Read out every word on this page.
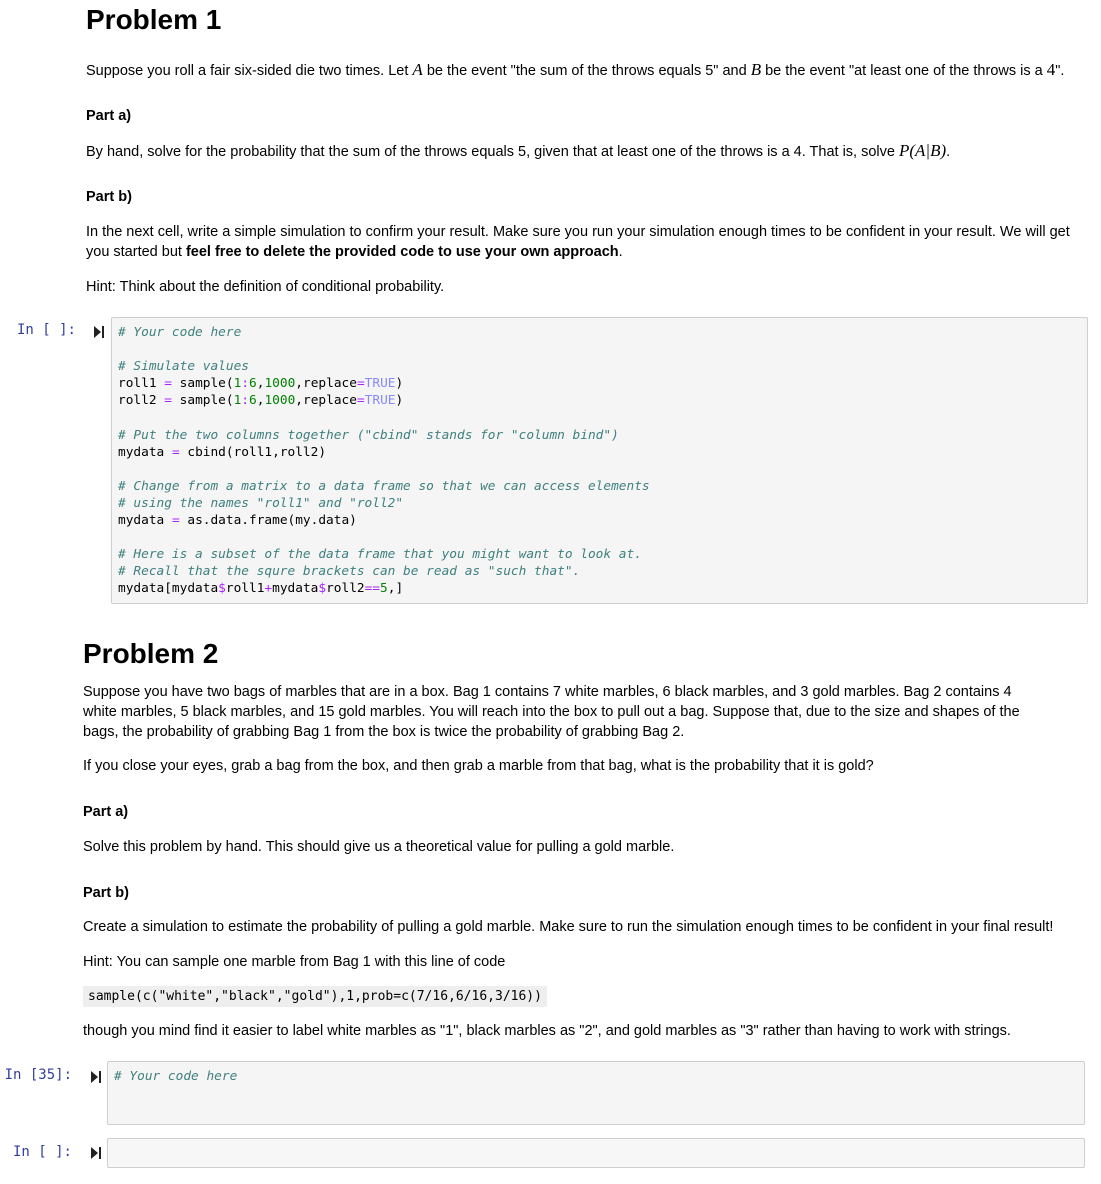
Problem 1
Suppose you roll a fair six-sided die two times. Let A be the event "the sum of the throws equals 5" and B be the event "at least one of the throws is a 4".
Part a)
By hand, solve for the probability that the sum of the throws equals 5, given that at least one of the throws is a 4. That is, solve P(A|B).
Part b)
In the next cell, write a simple simulation to confirm your result. Make sure you run your simulation enough times to be confident in your result. We will get you started but feel free to delete the provided code to use your own approach.
Hint: Think about the definition of conditional probability.
In [ ]:	# Your code here

# Simulate values
roll1 = sample(1:6,1000,replace=TRUE)
roll2 = sample(1:6,1000,replace=TRUE)

# Put the two columns together ("cbind" stands for "column bind")
mydata = cbind(roll1,roll2)

# Change from a matrix to a data frame so that we can access elements
# using the names "roll1" and "roll2"
mydata = as.data.frame(my.data)

# Here is a subset of the data frame that you might want to look at.
# Recall that the squre brackets can be read as "such that".
mydata[mydata$roll1+mydata$roll2==5,]
Problem 2
Suppose you have two bags of marbles that are in a box. Bag 1 contains 7 white marbles, 6 black marbles, and 3 gold marbles. Bag 2 contains 4 white marbles, 5 black marbles, and 15 gold marbles. You will reach into the box to pull out a bag. Suppose that, due to the size and shapes of the bags, the probability of grabbing Bag 1 from the box is twice the probability of grabbing Bag 2.
If you close your eyes, grab a bag from the box, and then grab a marble from that bag, what is the probability that it is gold?
Part a)
Solve this problem by hand. This should give us a theoretical value for pulling a gold marble.
Part b)
Create a simulation to estimate the probability of pulling a gold marble. Make sure to run the simulation enough times to be confident in your final result!
Hint: You can sample one marble from Bag 1 with this line of code
sample(c("white","black","gold"),1,prob=c(7/16,6/16,3/16))
though you mind find it easier to label white marbles as "1", black marbles as "2", and gold marbles as "3" rather than having to work with strings.
In [35]:	# Your code here
In [ ]:
